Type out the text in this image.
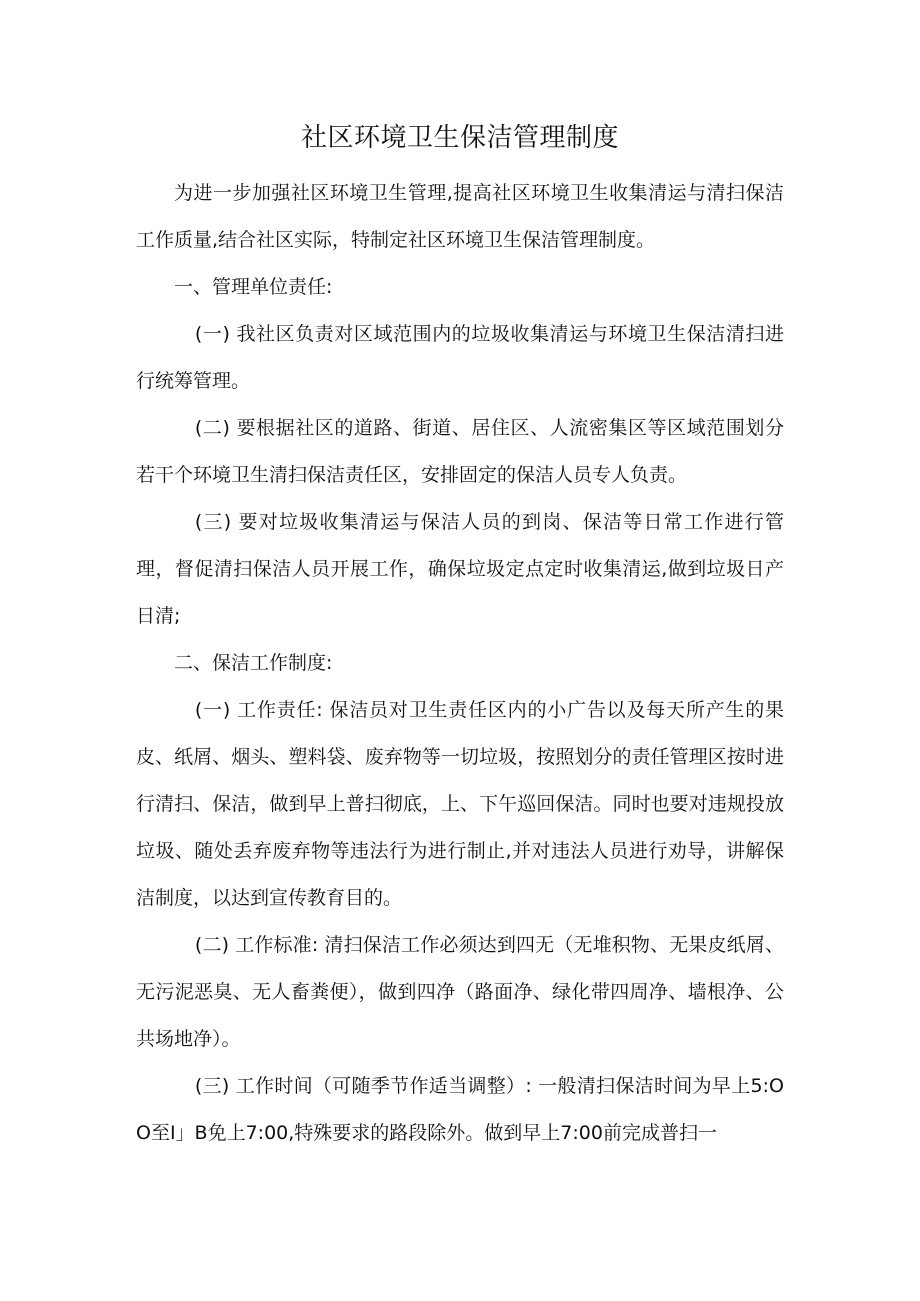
社区环境卫生保洁管理制度

为进一步加强社区环境卫生管理,提高社区环境卫生收集清运与清扫保洁工作质量,结合社区实际，特制定社区环境卫生保洁管理制度。

一、管理单位责任:

(一) 我社区负责对区域范围内的垃圾收集清运与环境卫生保洁清扫进行统筹管理。

(二) 要根据社区的道路、街道、居住区、人流密集区等区域范围划分若干个环境卫生清扫保洁责任区，安排固定的保洁人员专人负责。

(三) 要对垃圾收集清运与保洁人员的到岗、保洁等日常工作进行管理，督促清扫保洁人员开展工作，确保垃圾定点定时收集清运,做到垃圾日产日清;

二、保洁工作制度:

(一) 工作责任: 保洁员对卫生责任区内的小广告以及每天所产生的果皮、纸屑、烟头、塑料袋、废弃物等一切垃圾，按照划分的责任管理区按时进行清扫、保洁，做到早上普扫彻底，上、下午巡回保洁。同时也要对违规投放垃圾、随处丢弃废弃物等违法行为进行制止,并对违法人员进行劝导，讲解保洁制度，以达到宣传教育目的。

(二) 工作标准: 清扫保洁工作必须达到四无（无堆积物、无果皮纸屑、无污泥恶臭、无人畜粪便），做到四净（路面净、绿化带四周净、墙根净、公共场地净）。

(三) 工作时间（可随季节作适当调整）: 一般清扫保洁时间为早上5:OO至I」B免上7:00,特殊要求的路段除外。做到早上7:00前完成普扫一
